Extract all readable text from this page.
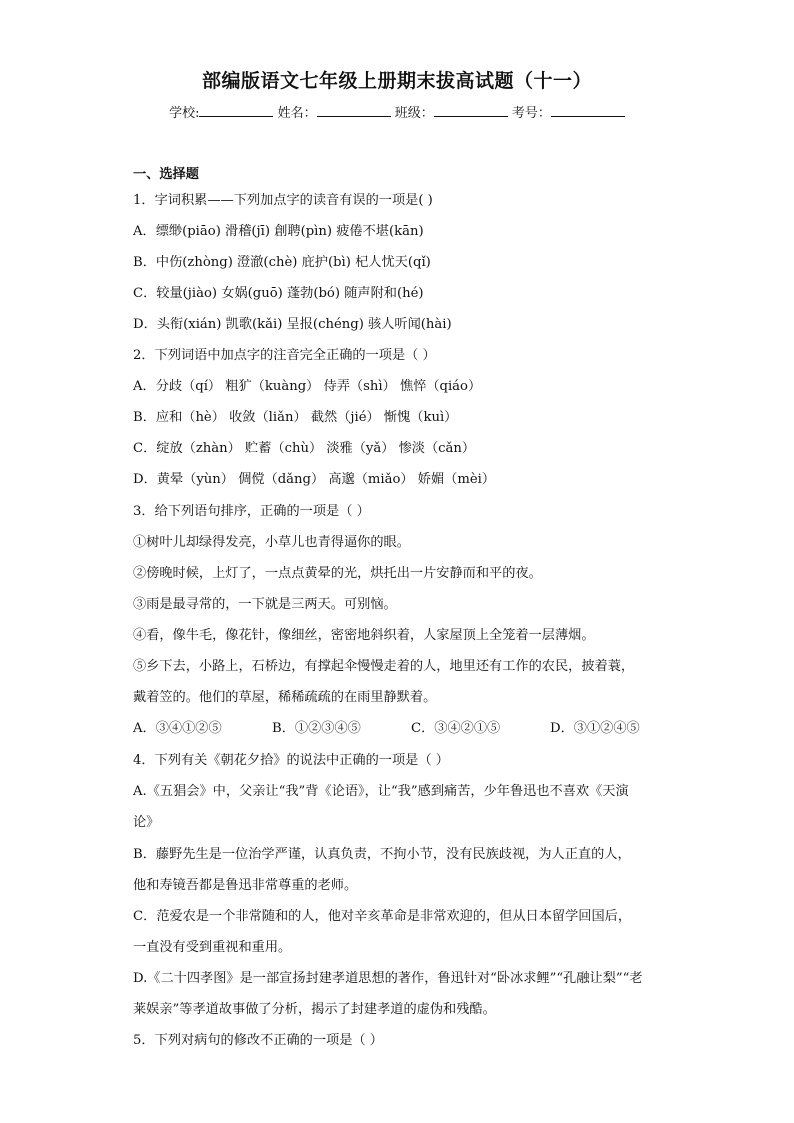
部编版语文七年级上册期末拔高试题（十一）
学校:	姓名：	班级：	考号：
一、选择题
1．字词积累——下列加点字的读音有误的一项是( )
A．缥缈(piāo) 滑稽(jī) 創聘(pìn) 疲倦不堪(kān)
B．中伤(zhòng) 澄澈(chè) 庇护(bì) 杞人忧天(qǐ)
C．较量(jiào) 女娲(guō) 蓬勃(bó) 随声附和(hé)
D．头衔(xián) 凯歌(kǎi) 呈报(chéng) 骇人听闻(hài)
2．下列词语中加点字的注音完全正确的一项是（ ）
A．分歧（qí） 粗犷（kuàng） 侍弄（shì） 憔悴（qiáo）
B．应和（hè） 收敛（liǎn） 截然（jié） 惭愧（kuì）
C．绽放（zhàn） 贮蓄（chù） 淡雅（yǎ） 惨淡（cǎn）
D．黄晕（yùn） 倜傥（dǎng） 高邈（miǎo） 娇媚（mèi）
3．给下列语句排序，正确的一项是（ ）
①树叶儿却绿得发亮，小草儿也青得逼你的眼。
②傍晚时候，上灯了，一点点黄晕的光，烘托出一片安静而和平的夜。
③雨是最寻常的，一下就是三两天。可别恼。
④看，像牛毛，像花针，像细丝，密密地斜织着，人家屋顶上全笼着一层薄烟。
⑤乡下去，小路上，石桥边，有撑起伞慢慢走着的人，地里还有工作的农民，披着蓑，
戴着笠的。他们的草屋，稀稀疏疏的在雨里静默着。
A．③④①②⑤	B．①②③④⑤	C．③④②①⑤	D．③①②④⑤
4．下列有关《朝花夕拾》的说法中正确的一项是（ ）
A.《五猖会》中，父亲让“我”背《论语》，让“我”感到痛苦，少年鲁迅也不喜欢《天演
论》
B．藤野先生是一位治学严谨，认真负责，不拘小节，没有民族歧视，为人正直的人，
他和寿镜吾都是鲁迅非常尊重的老师。
C．范爱农是一个非常随和的人，他对辛亥革命是非常欢迎的，但从日本留学回国后，
一直没有受到重视和重用。
D.《二十四孝图》是一部宣扬封建孝道思想的著作，鲁迅针对“卧冰求鲤”“孔融让梨”“老
莱娱亲”等孝道故事做了分析，揭示了封建孝道的虚伪和残酷。
5．下列对病句的修改不正确的一项是（ ）
